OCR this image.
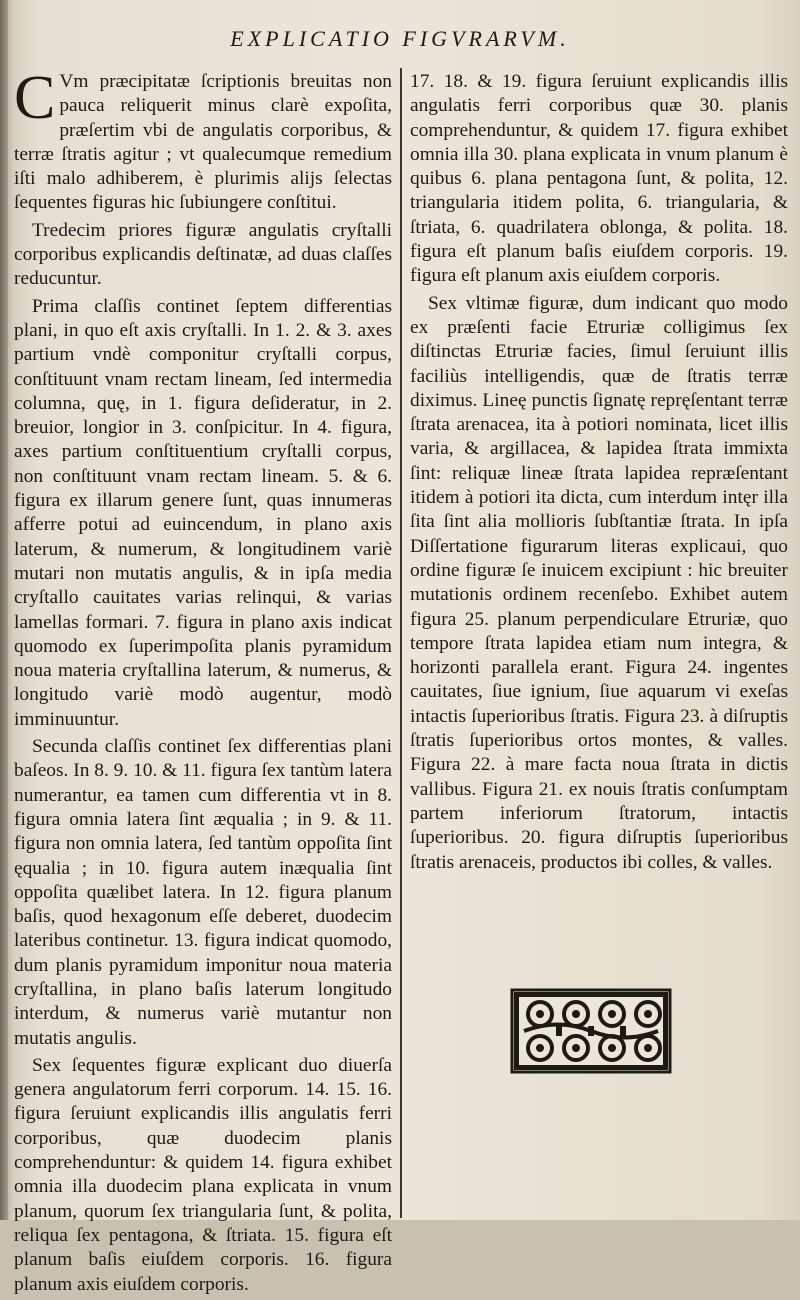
EXPLICATIO FIGVRARVM.

C Vm præcipitatæ ſcriptionis breuitas non pauca reliquerit minus clarè expoſita, præſertim vbi de angulatis corporibus, & terræ ſtratis agitur ; vt qualecumque remedium iſti malo adhiberem, è plurimis alijs ſelectas ſequentes figuras hic ſubiungere conſtitui.

Tredecim priores figuræ angulatis cryſtalli corporibus explicandis deſtinatæ, ad duas claſſes reducuntur.

Prima claſſis continet ſeptem differentias plani, in quo eſt axis cryſtalli. In 1. 2. & 3. axes partium vndè componitur cryſtalli corpus, conſtituunt vnam rectam lineam, ſed intermedia columna, quę, in 1. figura deſideratur, in 2. breuior, longior in 3. conſpicitur. In 4. figura, axes partium conſtituentium cryſtalli corpus, non conſtituunt vnam rectam lineam. 5. & 6. figura ex illarum genere ſunt, quas innumeras afferre potui ad euincendum, in plano axis laterum, & numerum, & longitudinem variè mutari non mutatis angulis, & in ipſa media cryſtallo cauitates varias relinqui, & varias lamellas formari. 7. figura in plano axis indicat quomodo ex ſuperimpoſita planis pyramidum noua materia cryſtallina laterum, & numerus, & longitudo variè modò augentur, modò imminuuntur.

Secunda claſſis continet ſex differentias plani baſeos. In 8. 9. 10. & 11. figura ſex tantùm latera numerantur, ea tamen cum differentia vt in 8. figura omnia latera ſint æqualia ; in 9. & 11. figura non omnia latera, ſed tantùm oppoſita ſint ęqualia ; in 10. figura autem inæqualia ſint oppoſita quælibet latera. In 12. figura planum baſis, quod hexagonum eſſe deberet, duodecim lateribus continetur. 13. figura indicat quomodo, dum planis pyramidum imponitur noua materia cryſtallina, in plano baſis laterum longitudo interdum, & numerus variè mutantur non mutatis angulis.

Sex ſequentes figuræ explicant duo diuerſa genera angulatorum ferri corporum. 14. 15. 16. figura ſeruiunt explicandis illis angulatis ferri corporibus, quæ duodecim planis comprehenduntur: & quidem 14. figura exhibet omnia illa duodecim plana explicata in vnum planum, quorum ſex triangularia ſunt, & polita, reliqua ſex pentagona, & ſtriata. 15. figura eſt planum baſis eiuſdem corporis. 16. figura planum axis eiuſdem corporis.

17. 18. & 19. figura ſeruiunt explicandis illis angulatis ferri corporibus quæ 30. planis comprehenduntur, & quidem 17. figura exhibet omnia illa 30. plana explicata in vnum planum è quibus 6. plana pentagona ſunt, & polita, 12. triangularia itidem polita, 6. triangularia, & ſtriata, 6. quadrilatera oblonga, & polita. 18. figura eſt planum baſis eiuſdem corporis. 19. figura eſt planum axis eiuſdem corporis.

Sex vltimæ figuræ, dum indicant quo modo ex præſenti facie Etruriæ colligimus ſex diſtinctas Etruriæ facies, ſimul ſeruiunt illis faciliùs intelligendis, quæ de ſtratis terræ diximus. Lineę punctis ſignatę repręſentant terræ ſtrata arenacea, ita à potiori nominata, licet illis varia, & argillacea, & lapidea ſtrata immixta ſint: reliquæ lineæ ſtrata lapidea repræſentant itidem à potiori ita dicta, cum interdum intęr illa ſita ſint alia mollioris ſubſtantiæ ſtrata. In ipſa Diſſertatione figurarum literas explicaui, quo ordine figuræ ſe inuicem excipiunt : hic breuiter mutationis ordinem recenſebo. Exhibet autem figura 25. planum perpendiculare Etruriæ, quo tempore ſtrata lapidea etiam num integra, & horizonti parallela erant. Figura 24. ingentes cauitates, ſiue ignium, ſiue aquarum vi exeſas intactis ſuperioribus ſtratis. Figura 23. à diſruptis ſtratis ſuperioribus ortos montes, & valles. Figura 22. à mare facta noua ſtrata in dictis vallibus. Figura 21. ex nouis ſtratis conſumptam partem inferiorum ſtratorum, intactis ſuperioribus. 20. figura diſruptis ſuperioribus ſtratis arenaceis, productos ibi colles, & valles.
